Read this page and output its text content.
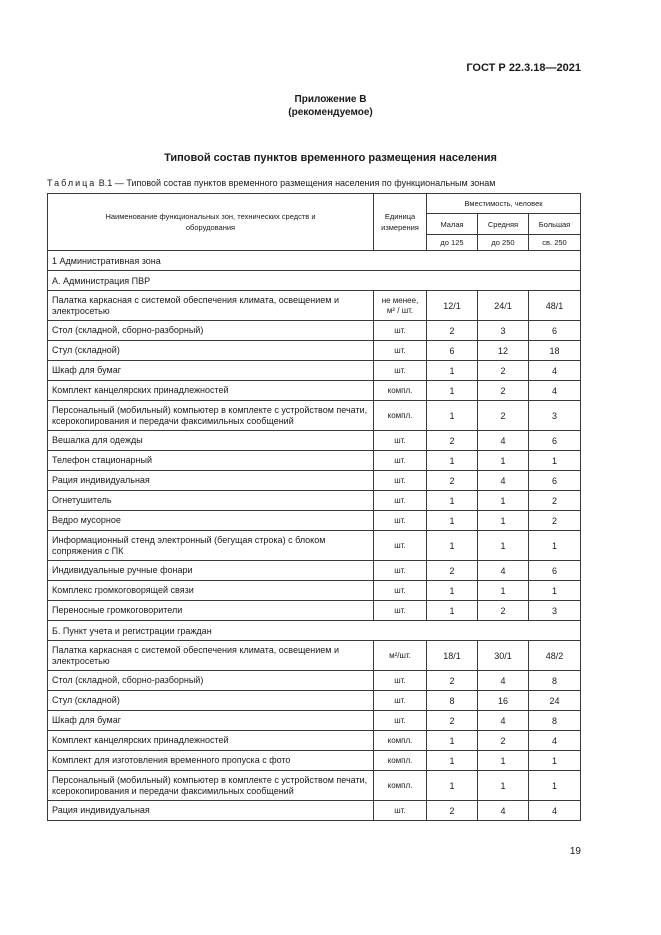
ГОСТ Р 22.3.18—2021
Приложение В
(рекомендуемое)
Типовой состав пунктов временного размещения населения
Таблица В.1 — Типовой состав пунктов временного размещения населения по функциональным зонам
Наименование функциональных зон, технических средств и оборудования	Единица измерения	Вместимость, человек		
		Малая	Средняя	Большая
		до 125	до 250	св. 250
1 Административная зона				
А. Администрация ПВР				
Палатка каркасная с системой обеспечения климата, освещением и электросетью	не менее, м² / шт.	12/1	24/1	48/1
Стол (складной, сборно-разборный)	шт.	2	3	6
Стул (складной)	шт.	6	12	18
Шкаф для бумаг	шт.	1	2	4
Комплект канцелярских принадлежностей	компл.	1	2	4
Персональный (мобильный) компьютер в комплекте с устройством печати, ксерокопирования и передачи факсимильных сообщений	компл.	1	2	3
Вешалка для одежды	шт.	2	4	6
Телефон стационарный	шт.	1	1	1
Рация индивидуальная	шт.	2	4	6
Огнетушитель	шт.	1	1	2
Ведро мусорное	шт.	1	1	2
Информационный стенд электронный (бегущая строка) с блоком сопряжения с ПК	шт.	1	1	1
Индивидуальные ручные фонари	шт.	2	4	6
Комплекс громкоговорящей связи	шт.	1	1	1
Переносные громкоговорители	шт.	1	2	3
Б. Пункт учета и регистрации граждан				
Палатка каркасная с системой обеспечения климата, освещением и электросетью	м²/шт.	18/1	30/1	48/2
Стол (складной, сборно-разборный)	шт.	2	4	8
Стул (складной)	шт.	8	16	24
Шкаф для бумаг	шт.	2	4	8
Комплект канцелярских принадлежностей	компл.	1	2	4
Комплект для изготовления временного пропуска с фото	компл.	1	1	1
Персональный (мобильный) компьютер в комплекте с устройством печати, ксерокопирования и передачи факсимильных сообщений	компл.	1	1	1
Рация индивидуальная	шт.	2	4	4
19
